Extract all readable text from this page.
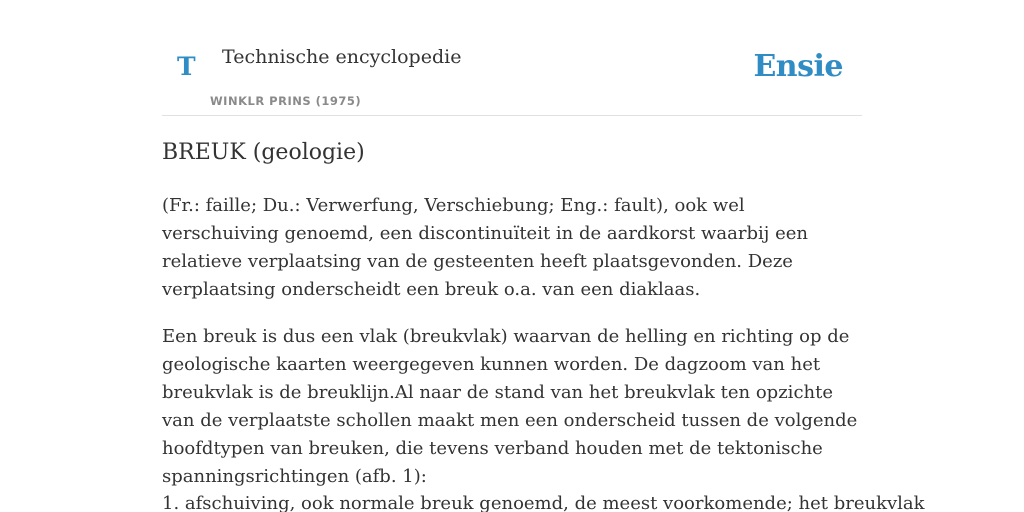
T Technische encyclopedie
WINKLR PRINS (1975)
Ensie
BREUK (geologie)

(Fr.: faille; Du.: Verwerfung, Verschiebung; Eng.: fault), ook wel verschuiving genoemd, een discontinuïteit in de aardkorst waarbij een relatieve verplaatsing van de gesteenten heeft plaatsgevonden. Deze verplaatsing onderscheidt een breuk o.a. van een diaklaas.

Een breuk is dus een vlak (breukvlak) waarvan de helling en richting op de geologische kaarten weergegeven kunnen worden. De dagzoom van het breukvlak is de breuklijn.Al naar de stand van het breukvlak ten opzichte van de verplaatste schollen maakt men een onderscheid tussen de volgende hoofdtypen van breuken, die tevens verband houden met de tektonische spanningsrichtingen (afb. 1):

1. afschuiving, ook normale breuk genoemd, de meest voorkomende; het breukvlak
